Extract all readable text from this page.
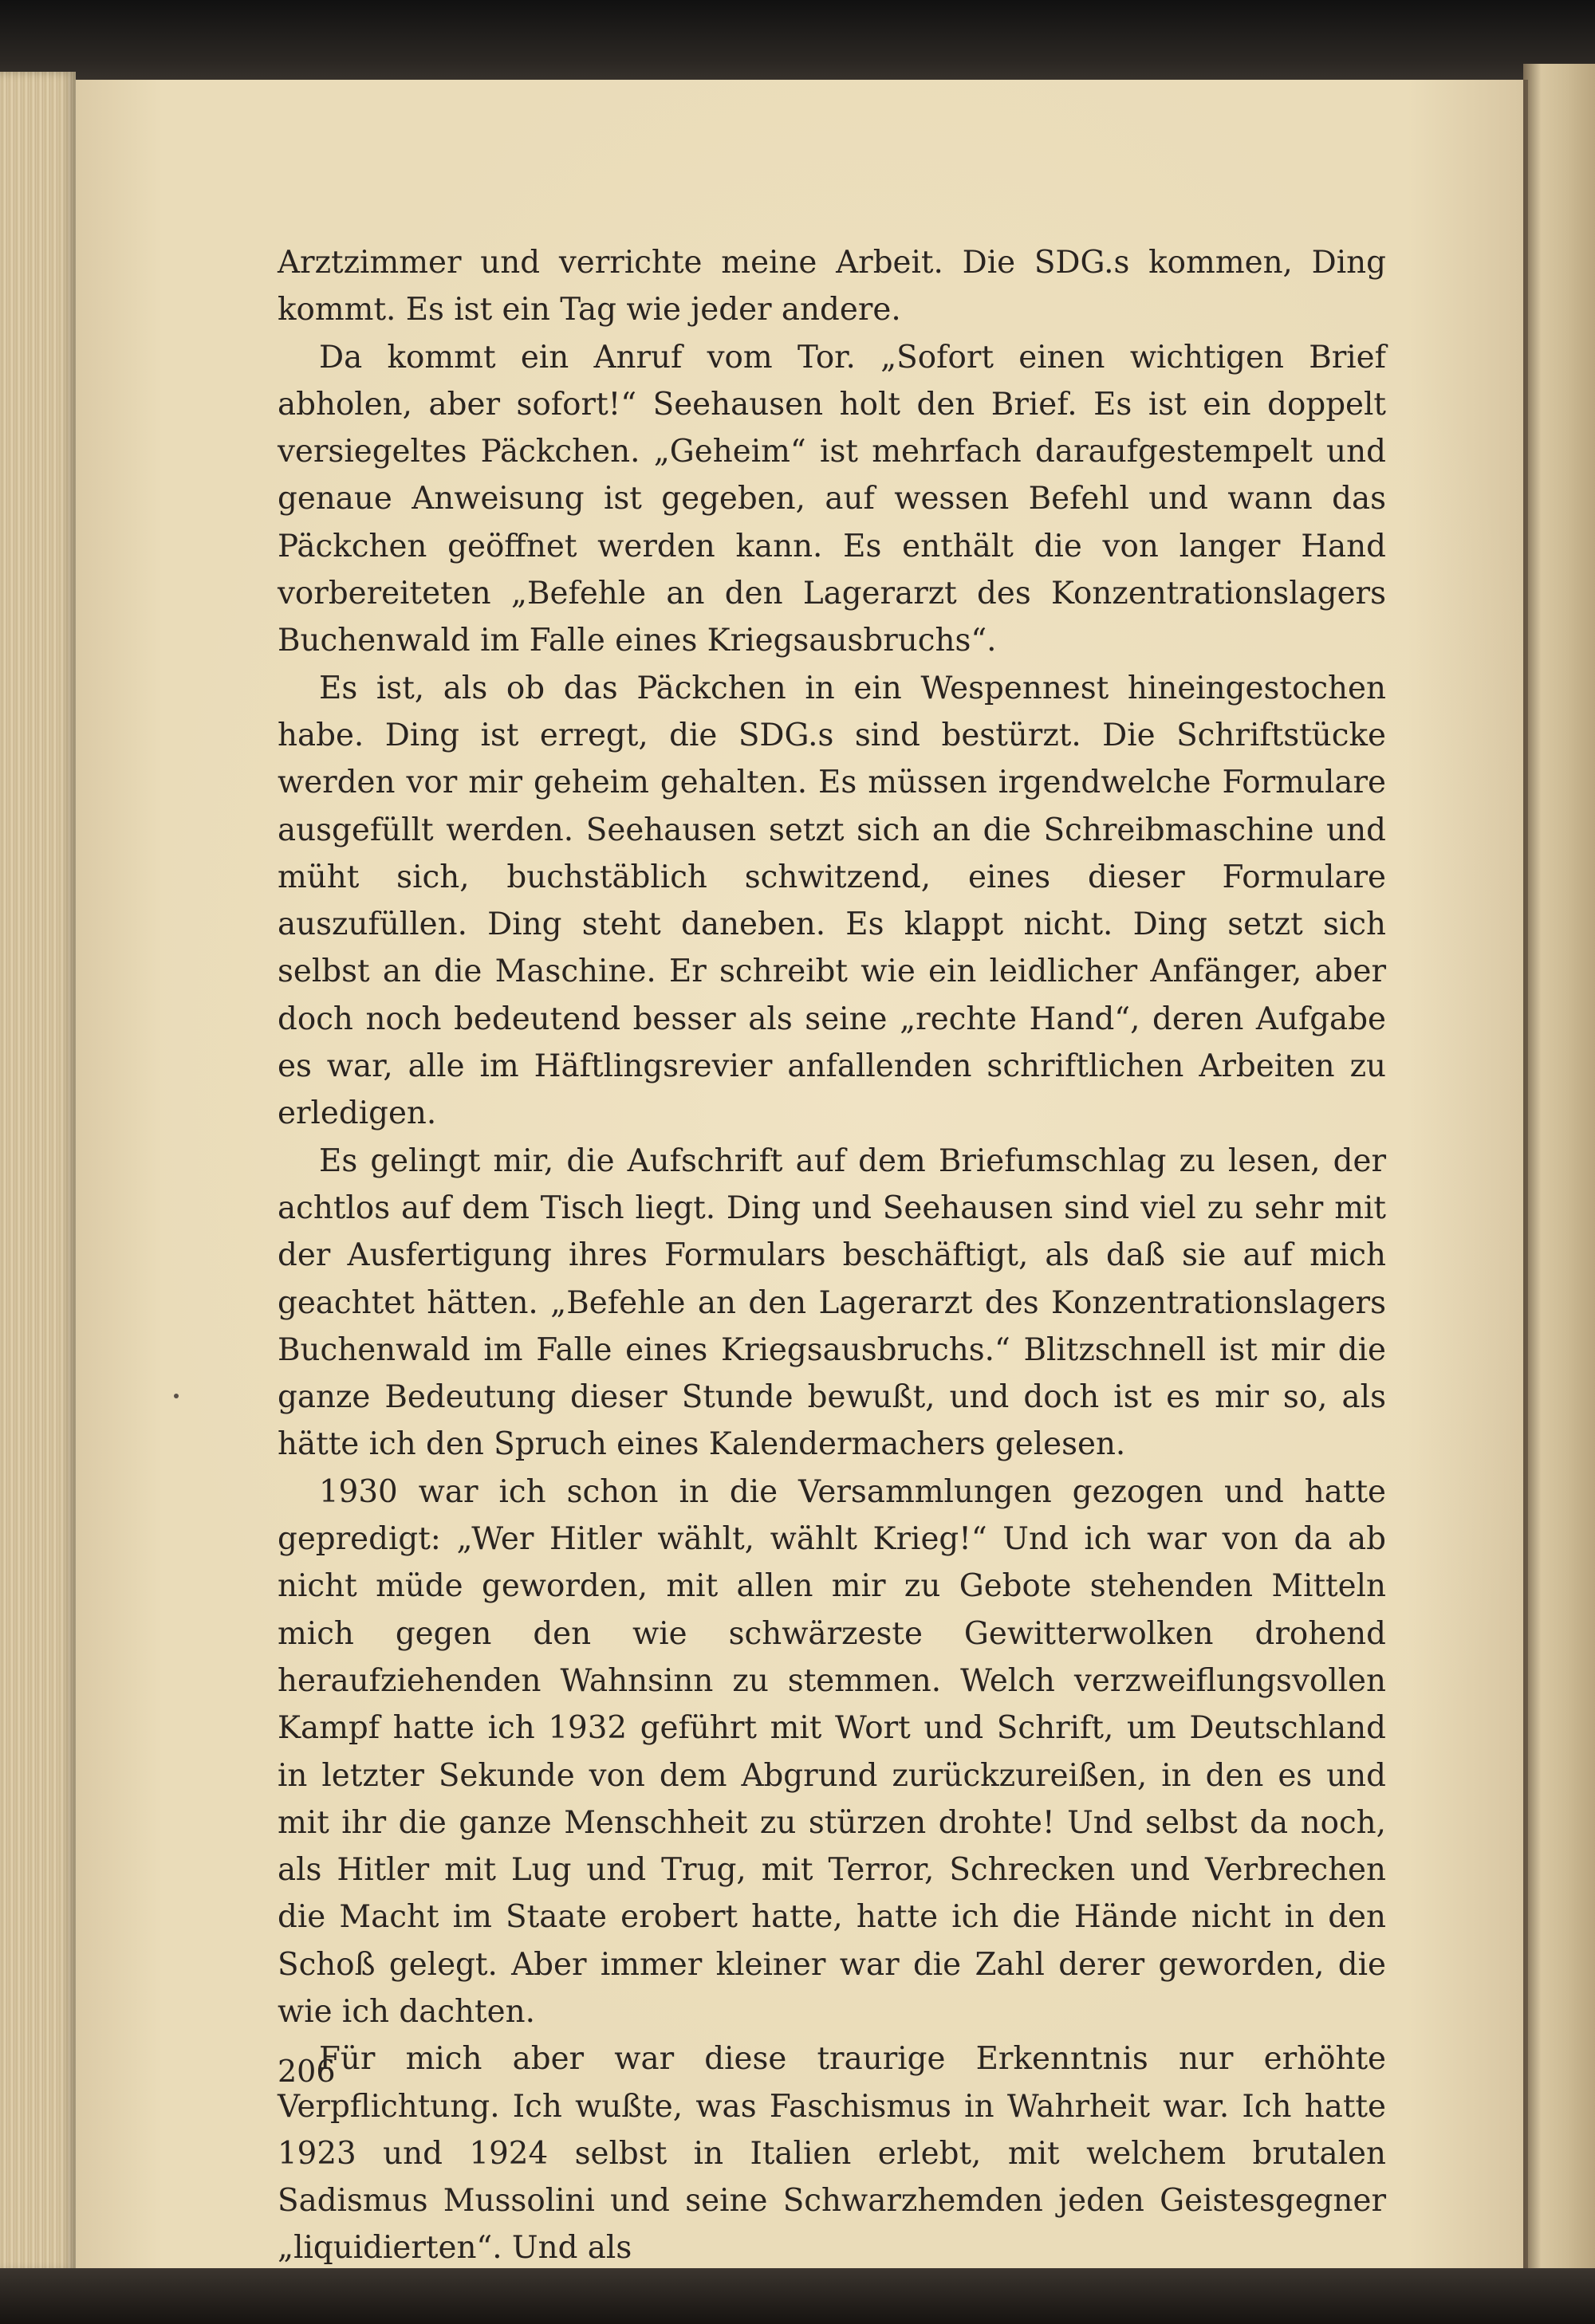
Arztzimmer und verrichte meine Arbeit. Die SDG.s kommen, Ding kommt. Es ist ein Tag wie jeder andere.

Da kommt ein Anruf vom Tor. „Sofort einen wichtigen Brief abholen, aber sofort!“ Seehausen holt den Brief. Es ist ein doppelt versiegeltes Päckchen. „Geheim“ ist mehrfach daraufgestempelt und genaue Anweisung ist gegeben, auf wessen Befehl und wann das Päckchen geöffnet werden kann. Es enthält die von langer Hand vorbereiteten „Befehle an den Lagerarzt des Konzentrationslagers Buchenwald im Falle eines Kriegsausbruchs“.

Es ist, als ob das Päckchen in ein Wespennest hineingestochen habe. Ding ist erregt, die SDG.s sind bestürzt. Die Schriftstücke werden vor mir geheim gehalten. Es müssen irgendwelche Formulare ausgefüllt werden. Seehausen setzt sich an die Schreibmaschine und müht sich, buchstäblich schwitzend, eines dieser Formulare auszufüllen. Ding steht daneben. Es klappt nicht. Ding setzt sich selbst an die Maschine. Er schreibt wie ein leidlicher Anfänger, aber doch noch bedeutend besser als seine „rechte Hand“, deren Aufgabe es war, alle im Häftlingsrevier anfallenden schriftlichen Arbeiten zu erledigen.

Es gelingt mir, die Aufschrift auf dem Briefumschlag zu lesen, der achtlos auf dem Tisch liegt. Ding und Seehausen sind viel zu sehr mit der Ausfertigung ihres Formulars beschäftigt, als daß sie auf mich geachtet hätten. „Befehle an den Lagerarzt des Konzentrationslagers Buchenwald im Falle eines Kriegsausbruchs.“ Blitzschnell ist mir die ganze Bedeutung dieser Stunde bewußt, und doch ist es mir so, als hätte ich den Spruch eines Kalendermachers gelesen.

1930 war ich schon in die Versammlungen gezogen und hatte gepredigt: „Wer Hitler wählt, wählt Krieg!“ Und ich war von da ab nicht müde geworden, mit allen mir zu Gebote stehenden Mitteln mich gegen den wie schwärzeste Gewitterwolken drohend heraufziehenden Wahnsinn zu stemmen. Welch verzweiflungsvollen Kampf hatte ich 1932 geführt mit Wort und Schrift, um Deutschland in letzter Sekunde von dem Abgrund zurückzureißen, in den es und mit ihr die ganze Menschheit zu stürzen drohte! Und selbst da noch, als Hitler mit Lug und Trug, mit Terror, Schrecken und Verbrechen die Macht im Staate erobert hatte, hatte ich die Hände nicht in den Schoß gelegt. Aber immer kleiner war die Zahl derer geworden, die wie ich dachten.

Für mich aber war diese traurige Erkenntnis nur erhöhte Verpflichtung. Ich wußte, was Faschismus in Wahrheit war. Ich hatte 1923 und 1924 selbst in Italien erlebt, mit welchem brutalen Sadismus Mussolini und seine Schwarzhemden jeden Geistesgegner „liquidierten“. Und als

206
